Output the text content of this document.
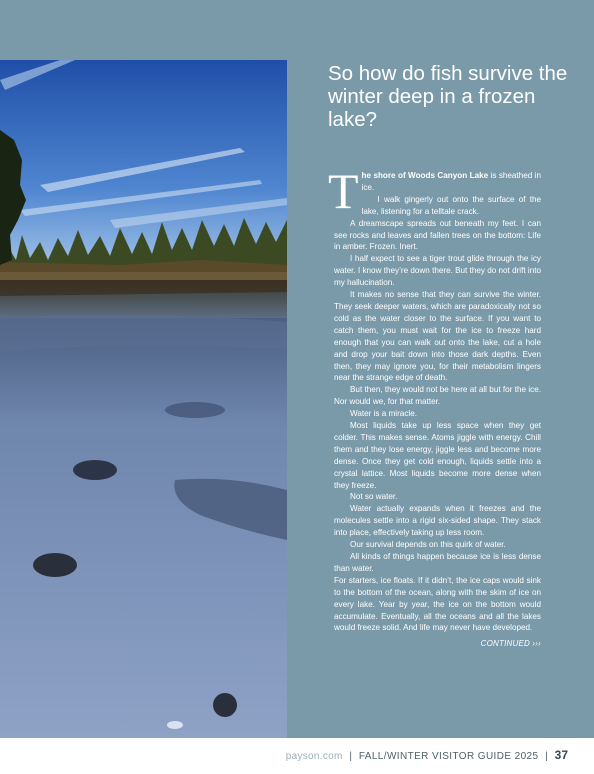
So how do fish survive the winter deep in a frozen lake?

The shore of Woods Canyon Lake is sheathed in ice.

I walk gingerly out onto the surface of the lake, listening for a telltale crack.

A dreamscape spreads out beneath my feet. I can see rocks and leaves and fallen trees on the bottom: Life in amber. Frozen. Inert.

I half expect to see a tiger trout glide through the icy water. I know they’re down there. But they do not drift into my hallucination.

It makes no sense that they can survive the winter. They seek deeper waters, which are paradoxically not so cold as the water closer to the surface. If you want to catch them, you must wait for the ice to freeze hard enough that you can walk out onto the lake, cut a hole and drop your bait down into those dark depths. Even then, they may ignore you, for their metabolism lingers near the strange edge of death.

But then, they would not be here at all but for the ice. Nor would we, for that matter.

Water is a miracle.

Most liquids take up less space when they get colder. This makes sense. Atoms jiggle with energy. Chill them and they lose energy, jiggle less and become more dense. Once they get cold enough, liquids settle into a crystal lattice. Most liquids become more dense when they freeze.

Not so water.

Water actually expands when it freezes and the molecules settle into a rigid six-sided shape. They stack into place, effectively taking up less room.

Our survival depends on this quirk of water.

All kinds of things happen because ice is less dense than water.

For starters, ice floats. If it didn’t, the ice caps would sink to the bottom of the ocean, along with the skim of ice on every lake. Year by year, the ice on the bottom would accumulate. Eventually, all the oceans and all the lakes would freeze solid. And life may never have developed.

CONTINUED ›››
payson.com | FALL/WINTER VISITOR GUIDE 2025 | 37
